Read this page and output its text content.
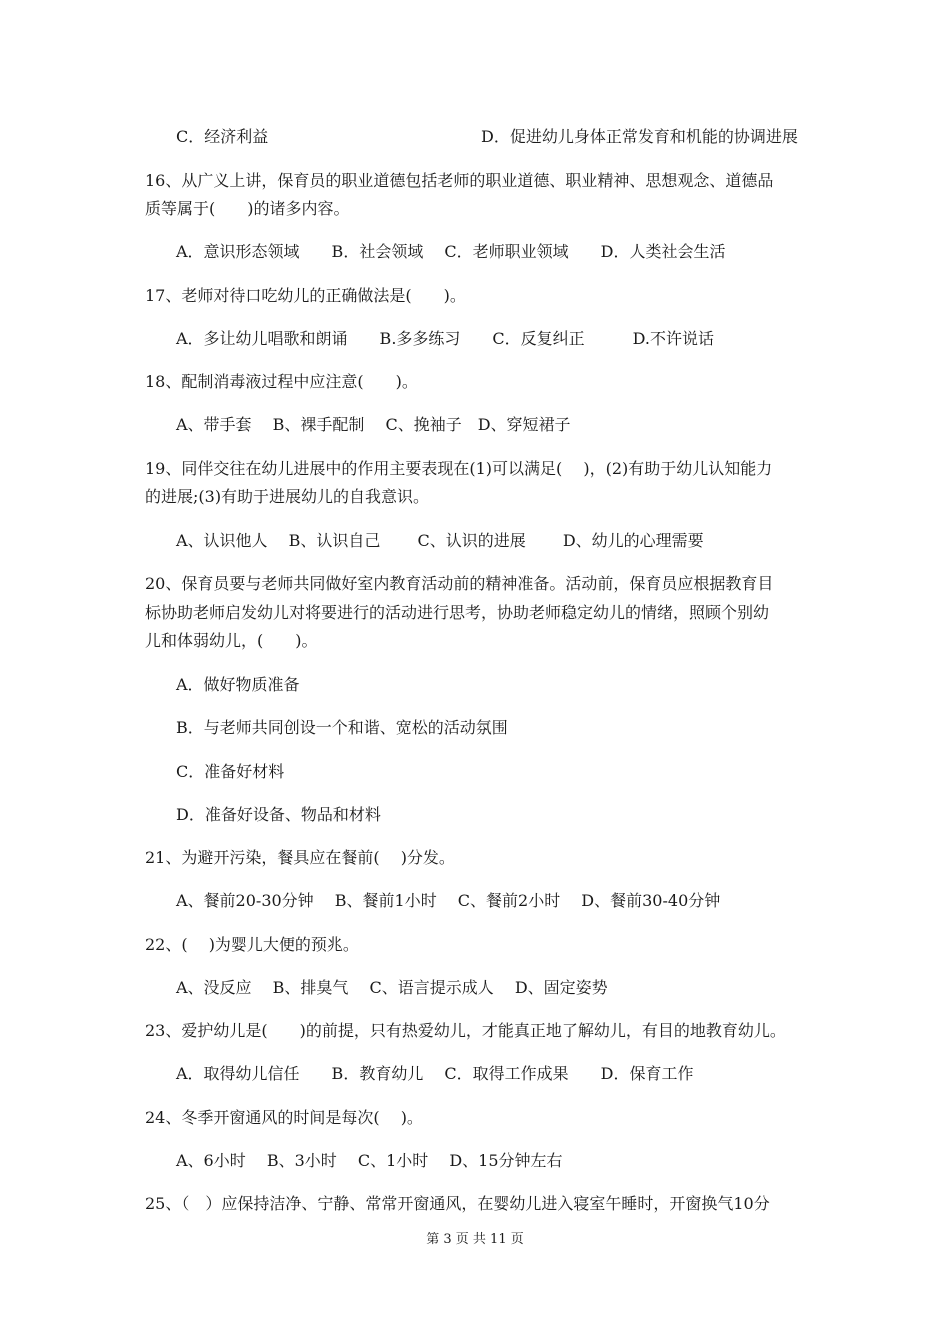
C．经济利益	D．促进幼儿身体正常发育和机能的协调进展
16、从广义上讲，保育员的职业道德包括老师的职业道德、职业精神、思想观念、道德品
质等属于(　　)的诸多内容。
A．意识形态领域　　B．社会领域　 C．老师职业领域　　D．人类社会生活
17、老师对待口吃幼儿的正确做法是(　　)。
A．多让幼儿唱歌和朗诵　　B.多多练习　　C．反复纠正　　　D.不许说话
18、配制消毒液过程中应注意(　　)。
A、带手套　 B、裸手配制　 C、挽袖子　D、穿短裙子
19、同伴交往在幼儿进展中的作用主要表现在(1)可以满足(　 )，(2)有助于幼儿认知能力
的进展;(3)有助于进展幼儿的自我意识。
A、认识他人　 B、认识自己　　 C、认识的进展　　 D、幼儿的心理需要
20、保育员要与老师共同做好室内教育活动前的精神准备。活动前，保育员应根据教育目
标协助老师启发幼儿对将要进行的活动进行思考，协助老师稳定幼儿的情绪，照顾个别幼
儿和体弱幼儿，(　　)。
A．做好物质准备
B．与老师共同创设一个和谐、宽松的活动氛围
C．准备好材料
D．准备好设备、物品和材料
21、为避开污染，餐具应在餐前(　 )分发。
A、餐前20-30分钟　 B、餐前1小时　 C、餐前2小时　 D、餐前30-40分钟
22、(　 )为婴儿大便的预兆。
A、没反应　 B、排臭气　 C、语言提示成人　 D、固定姿势
23、爱护幼儿是(　　)的前提，只有热爱幼儿，才能真正地了解幼儿，有目的地教育幼儿。
A．取得幼儿信任　　B．教育幼儿　 C．取得工作成果　　D．保育工作
24、冬季开窗通风的时间是每次(　 )。
A、6小时　 B、3小时　 C、1小时　 D、15分钟左右
25、（　）应保持洁净、宁静、常常开窗通风，在婴幼儿进入寝室午睡时，开窗换气10分
第 3 页 共 11 页
